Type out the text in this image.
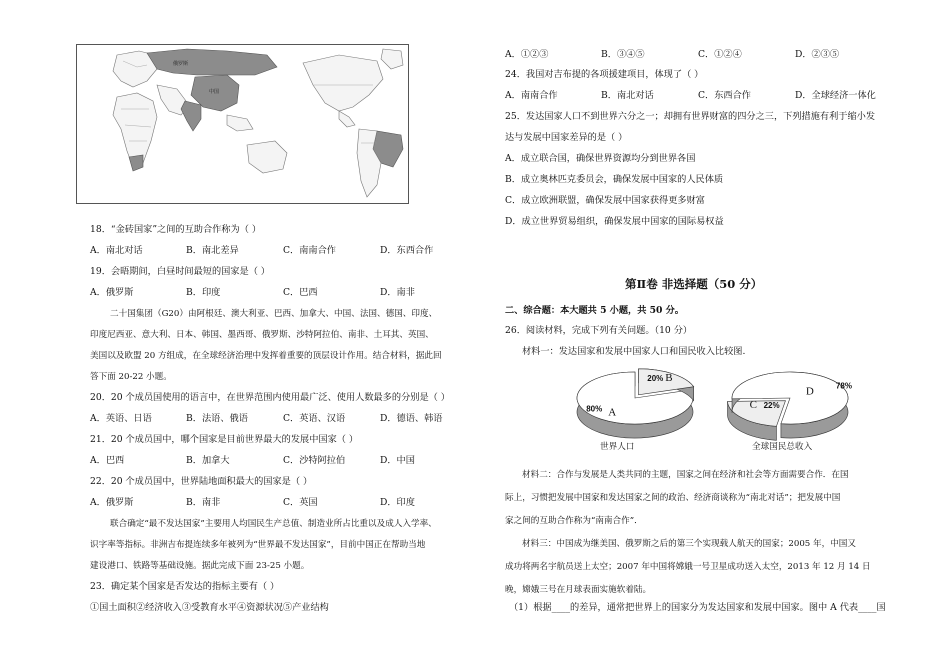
俄罗斯
中国
18．“金砖国家”之间的互助合作称为（ ）
A．南北对话	B．南北差异	C．南南合作	D．东西合作
19．会晤期间，白昼时间最短的国家是（ ）
A．俄罗斯	B．印度	C．巴西	D．南非
二十国集团（G20）由阿根廷、澳大利亚、巴西、加拿大、中国、法国、德国、印度、
印度尼西亚、意大利、日本、韩国、墨西哥、俄罗斯、沙特阿拉伯、南非、土耳其、英国、
美国以及欧盟 20 方组成，在全球经济治理中发挥着重要的顶层设计作用。结合材料，据此回
答下面 20-22 小题。
20．20 个成员国使用的语言中，在世界范围内使用最广泛、使用人数最多的分别是（ ）
A．英语、日语	B．法语、俄语	C．英语、汉语	D．德语、韩语
21．20 个成员国中，哪个国家是目前世界最大的发展中国家（ ）
A．巴西	B．加拿大	C．沙特阿拉伯	D．中国
22．20 个成员国中，世界陆地面积最大的国家是（ ）
A．俄罗斯	B．南非	C．英国	D．印度
联合确定“最不发达国家”主要用人均国民生产总值、制造业所占比重以及成人入学率、
识字率等指标。非洲吉布提连续多年被列为“世界最不发达国家”，目前中国正在帮助当地
建设港口、铁路等基础设施。据此完成下面 23-25 小题。
23．确定某个国家是否发达的指标主要有（ ）
①国土面积②经济收入③受教育水平④资源状况⑤产业结构
A．①②③	B．③④⑤	C．①②④	D．②③⑤
24．我国对吉布提的各项援建项目，体现了（ ）
A．南南合作	B．南北对话	C．东西合作	D．全球经济一体化
25．发达国家人口不到世界六分之一；却拥有世界财富的四分之三，下列措施有利于缩小发
达与发展中国家差异的是（ ）
A．成立联合国，确保世界资源均分到世界各国
B．成立奥林匹克委员会，确保发展中国家的人民体质
C．成立欧洲联盟，确保发展中国家获得更多财富
D．成立世界贸易组织，确保发展中国家的国际易权益
第Ⅱ卷 非选择题（50 分）
二、综合题：本大题共 5 小题，共 50 分。
26．阅读材料，完成下列有关问题。（10 分）
材料一：发达国家和发展中国家人口和国民收入比较图.
80% A
20% B
22%
C
78%
D
世界人口	全球国民总收入
材料二：合作与发展是人类共同的主题，国家之间在经济和社会等方面需要合作．在国
际上，习惯把发展中国家和发达国家之间的政治、经济商谈称为“南北对话”；把发展中国
家之间的互助合作称为“南南合作”．
材料三：中国成为继美国、俄罗斯之后的第三个实现载人航天的国家；2005 年，中国又
成功将两名宇航员送上太空；2007 年中国将嫦娥一号卫星成功送入太空，2013 年 12 月 14 日
晚，嫦娥三号在月球表面实施软着陆。
（1）根据____的差异，通常把世界上的国家分为发达国家和发展中国家。图中 A 代表____国
